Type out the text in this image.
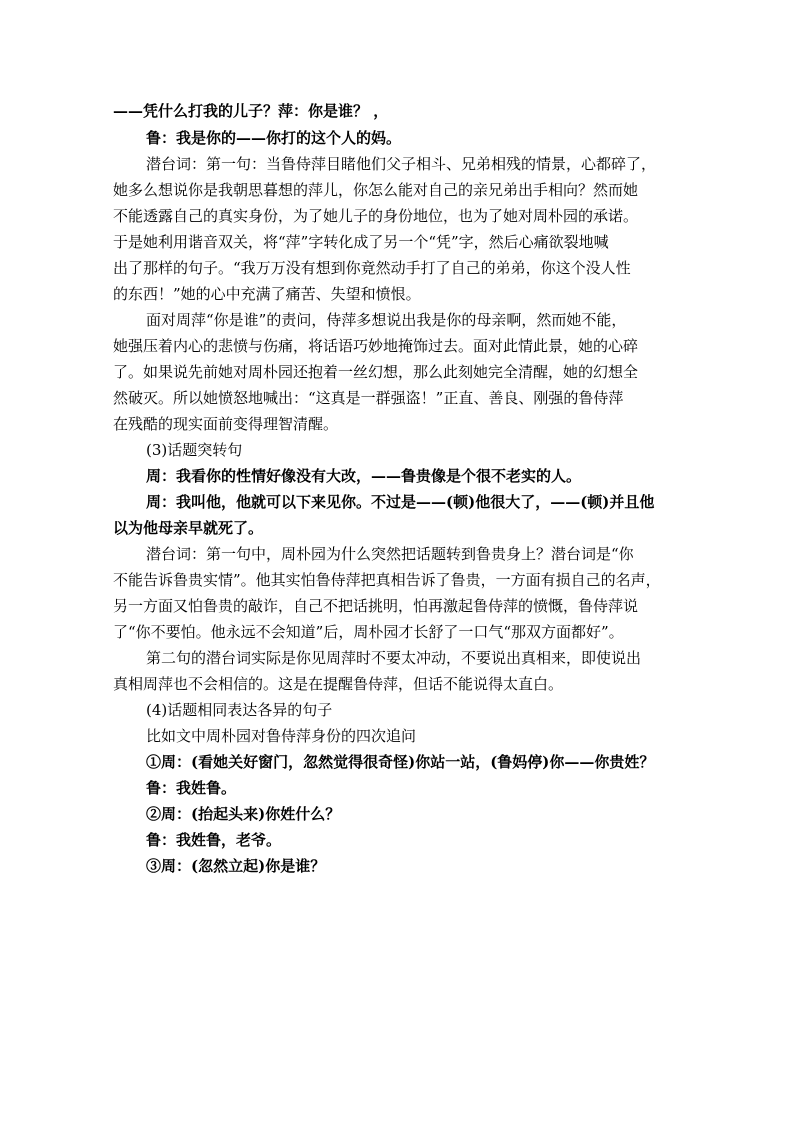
——凭什么打我的儿子？萍：你是谁？ ，
鲁：我是你的——你打的这个人的妈。
潜台词：第一句：当鲁侍萍目睹他们父子相斗、兄弟相残的情景，心都碎了，
她多么想说你是我朝思暮想的萍儿，你怎么能对自己的亲兄弟出手相向？然而她
不能透露自己的真实身份，为了她儿子的身份地位，也为了她对周朴园的承诺。
于是她利用谐音双关，将“萍”字转化成了另一个“凭”字，然后心痛欲裂地喊
出了那样的句子。“我万万没有想到你竟然动手打了自己的弟弟，你这个没人性
的东西！”她的心中充满了痛苦、失望和愤恨。
面对周萍“你是谁”的责问，侍萍多想说出我是你的母亲啊，然而她不能，
她强压着内心的悲愤与伤痛，将话语巧妙地掩饰过去。面对此情此景，她的心碎
了。如果说先前她对周朴园还抱着一丝幻想，那么此刻她完全清醒，她的幻想全
然破灭。所以她愤怒地喊出：“这真是一群强盗！”正直、善良、刚强的鲁侍萍
在残酷的现实面前变得理智清醒。
(3)话题突转句
周：我看你的性情好像没有大改，——鲁贵像是个很不老实的人。
周：我叫他，他就可以下来见你。不过是——(顿)他很大了，——(顿)并且他
以为他母亲早就死了。
潜台词：第一句中，周朴园为什么突然把话题转到鲁贵身上？潜台词是“你
不能告诉鲁贵实情”。他其实怕鲁侍萍把真相告诉了鲁贵，一方面有损自己的名声，
另一方面又怕鲁贵的敲诈，自己不把话挑明，怕再激起鲁侍萍的愤慨，鲁侍萍说
了“你不要怕。他永远不会知道”后，周朴园才长舒了一口气“那双方面都好”。
第二句的潜台词实际是你见周萍时不要太冲动，不要说出真相来，即使说出
真相周萍也不会相信的。这是在提醒鲁侍萍，但话不能说得太直白。
(4)话题相同表达各异的句子
比如文中周朴园对鲁侍萍身份的四次追问
①周：(看她关好窗门，忽然觉得很奇怪)你站一站，(鲁妈停)你——你贵姓？
鲁：我姓鲁。
②周：(抬起头来)你姓什么？
鲁：我姓鲁，老爷。
③周：(忽然立起)你是谁？
